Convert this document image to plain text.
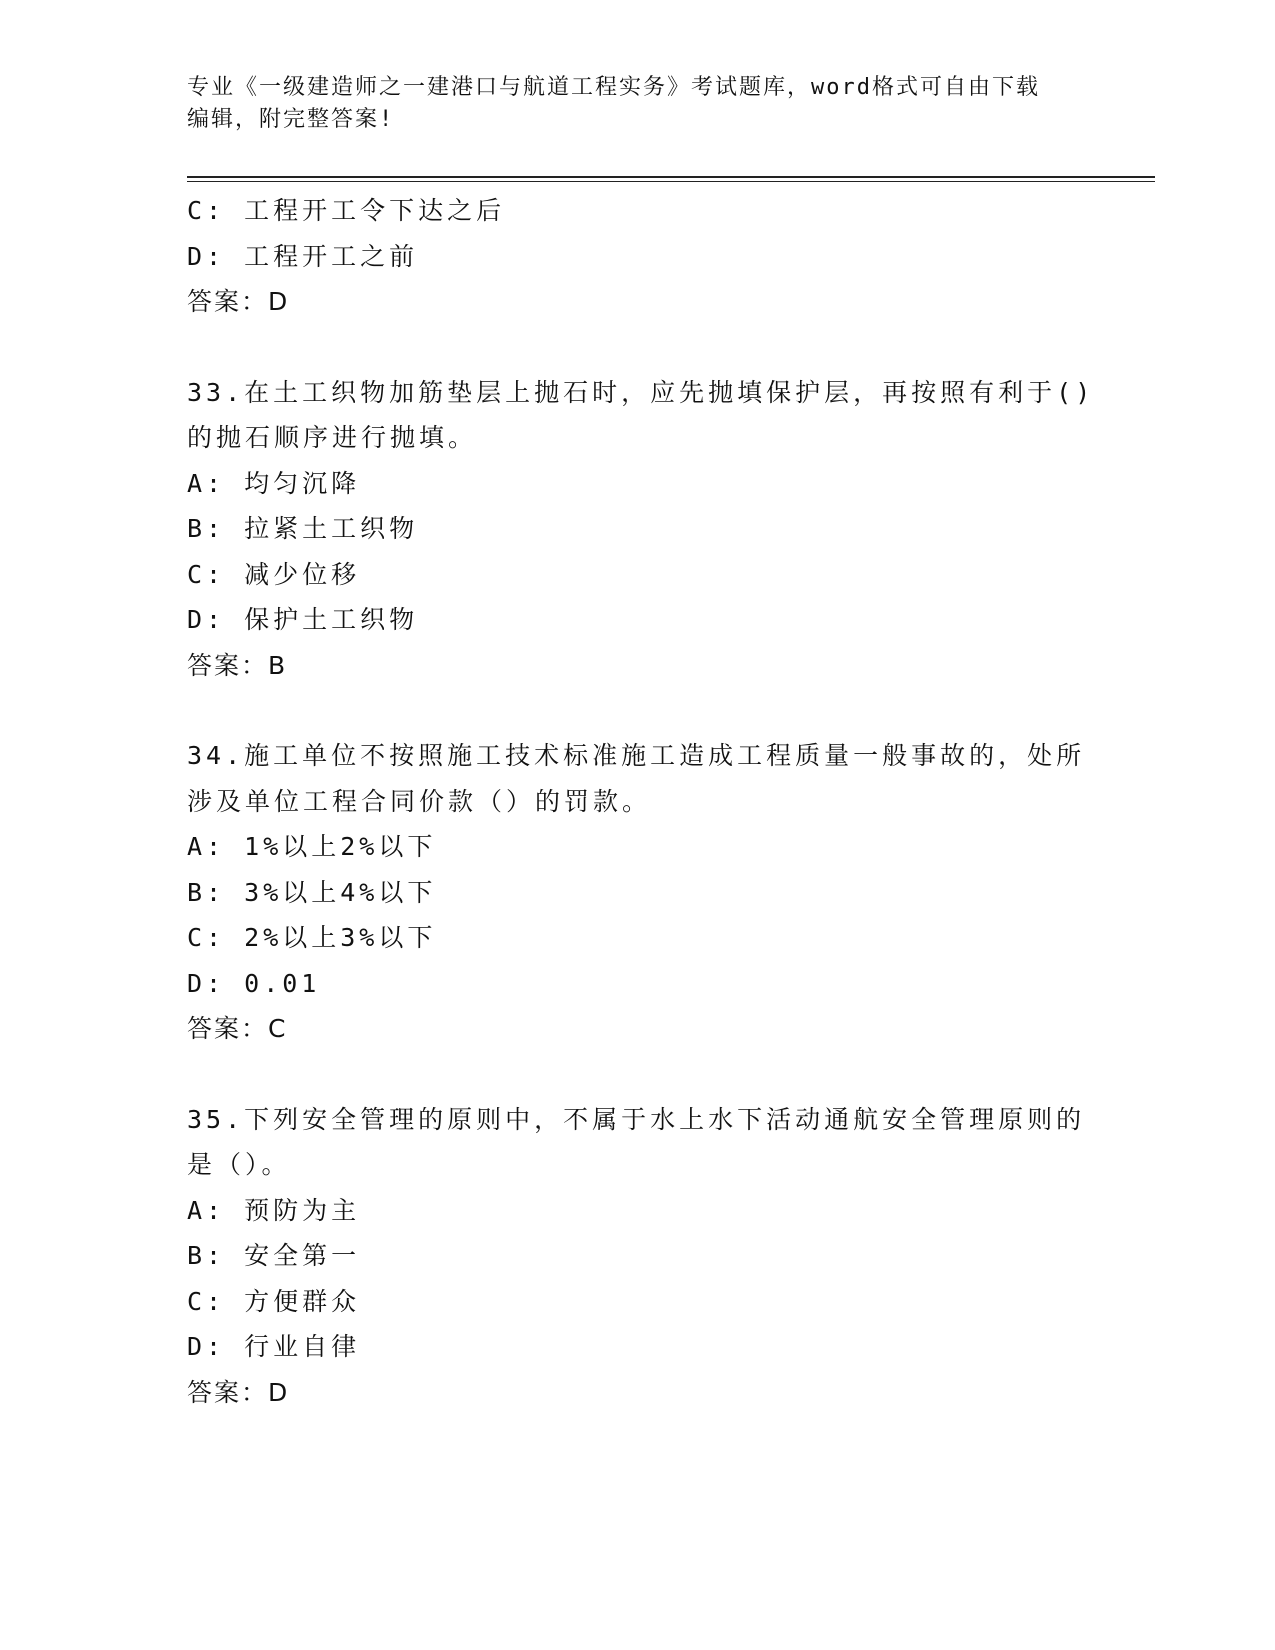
专业《一级建造师之一建港口与航道工程实务》考试题库，word格式可自由下载
编辑，附完整答案!
C: 工程开工令下达之后
D: 工程开工之前
答案：D
33.在土工织物加筋垫层上抛石时，应先抛填保护层，再按照有利于()
的抛石顺序进行抛填。
A: 均匀沉降
B: 拉紧土工织物
C: 减少位移
D: 保护土工织物
答案：B
34.施工单位不按照施工技术标准施工造成工程质量一般事故的，处所
涉及单位工程合同价款（）的罚款。
A: 1%以上2%以下
B: 3%以上4%以下
C: 2%以上3%以下
D: 0.01
答案：C
35.下列安全管理的原则中，不属于水上水下活动通航安全管理原则的
是（）。
A: 预防为主
B: 安全第一
C: 方便群众
D: 行业自律
答案：D
